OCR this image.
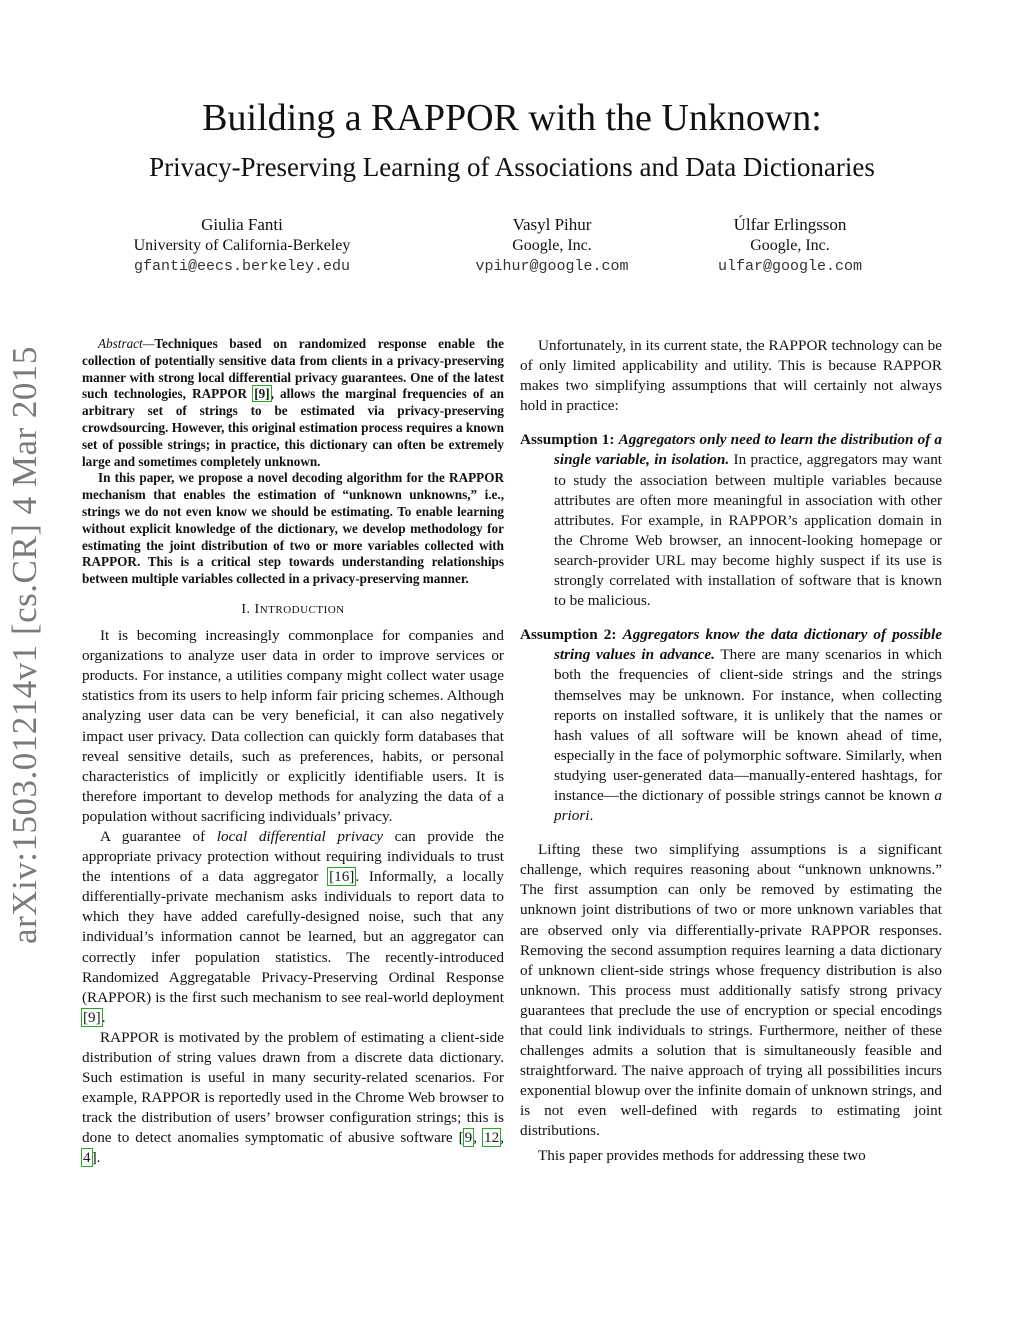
arXiv:1503.01214v1 [cs.CR] 4 Mar 2015
Building a RAPPOR with the Unknown:
Privacy-Preserving Learning of Associations and Data Dictionaries
Giulia Fanti
University of California-Berkeley
gfanti@eecs.berkeley.edu
Vasyl Pihur
Google, Inc.
vpihur@google.com
Úlfar Erlingsson
Google, Inc.
ulfar@google.com

Abstract—Techniques based on randomized response enable the collection of potentially sensitive data from clients in a privacy-preserving manner with strong local differential privacy guarantees. One of the latest such technologies, RAPPOR [9], allows the marginal frequencies of an arbitrary set of strings to be estimated via privacy-preserving crowdsourcing. However, this original estimation process requires a known set of possible strings; in practice, this dictionary can often be extremely large and sometimes completely unknown.

In this paper, we propose a novel decoding algorithm for the RAPPOR mechanism that enables the estimation of “unknown unknowns,” i.e., strings we do not even know we should be estimating. To enable learning without explicit knowledge of the dictionary, we develop methodology for estimating the joint distribution of two or more variables collected with RAPPOR. This is a critical step towards understanding relationships between multiple variables collected in a privacy-preserving manner.

I. INTRODUCTION

It is becoming increasingly commonplace for companies and organizations to analyze user data in order to improve services or products. For instance, a utilities company might collect water usage statistics from its users to help inform fair pricing schemes. Although analyzing user data can be very beneficial, it can also negatively impact user privacy. Data collection can quickly form databases that reveal sensitive details, such as preferences, habits, or personal characteristics of implicitly or explicitly identifiable users. It is therefore important to develop methods for analyzing the data of a population without sacrificing individuals’ privacy.

A guarantee of local differential privacy can provide the appropriate privacy protection without requiring individuals to trust the intentions of a data aggregator [16]. Informally, a locally differentially-private mechanism asks individuals to report data to which they have added carefully-designed noise, such that any individual’s information cannot be learned, but an aggregator can correctly infer population statistics. The recently-introduced Randomized Aggregatable Privacy-Preserving Ordinal Response (RAPPOR) is the first such mechanism to see real-world deployment [9].

RAPPOR is motivated by the problem of estimating a client-side distribution of string values drawn from a discrete data dictionary. Such estimation is useful in many security-related scenarios. For example, RAPPOR is reportedly used in the Chrome Web browser to track the distribution of users’ browser configuration strings; this is done to detect anomalies symptomatic of abusive software [9, 12, 4].

Unfortunately, in its current state, the RAPPOR technology can be of only limited applicability and utility. This is because RAPPOR makes two simplifying assumptions that will certainly not always hold in practice:

Assumption 1: Aggregators only need to learn the distribution of a single variable, in isolation. In practice, aggregators may want to study the association between multiple variables because attributes are often more meaningful in association with other attributes. For example, in RAPPOR’s application domain in the Chrome Web browser, an innocent-looking homepage or search-provider URL may become highly suspect if its use is strongly correlated with installation of software that is known to be malicious.
Assumption 2: Aggregators know the data dictionary of possible string values in advance. There are many scenarios in which both the frequencies of client-side strings and the strings themselves may be unknown. For instance, when collecting reports on installed software, it is unlikely that the names or hash values of all software will be known ahead of time, especially in the face of polymorphic software. Similarly, when studying user-generated data—manually-entered hashtags, for instance—the dictionary of possible strings cannot be known a priori.

Lifting these two simplifying assumptions is a significant challenge, which requires reasoning about “unknown unknowns.” The first assumption can only be removed by estimating the unknown joint distributions of two or more unknown variables that are observed only via differentially-private RAPPOR responses. Removing the second assumption requires learning a data dictionary of unknown client-side strings whose frequency distribution is also unknown. This process must additionally satisfy strong privacy guarantees that preclude the use of encryption or special encodings that could link individuals to strings. Furthermore, neither of these challenges admits a solution that is simultaneously feasible and straightforward. The naive approach of trying all possibilities incurs exponential blowup over the infinite domain of unknown strings, and is not even well-defined with regards to estimating joint distributions.

This paper provides methods for addressing these two
